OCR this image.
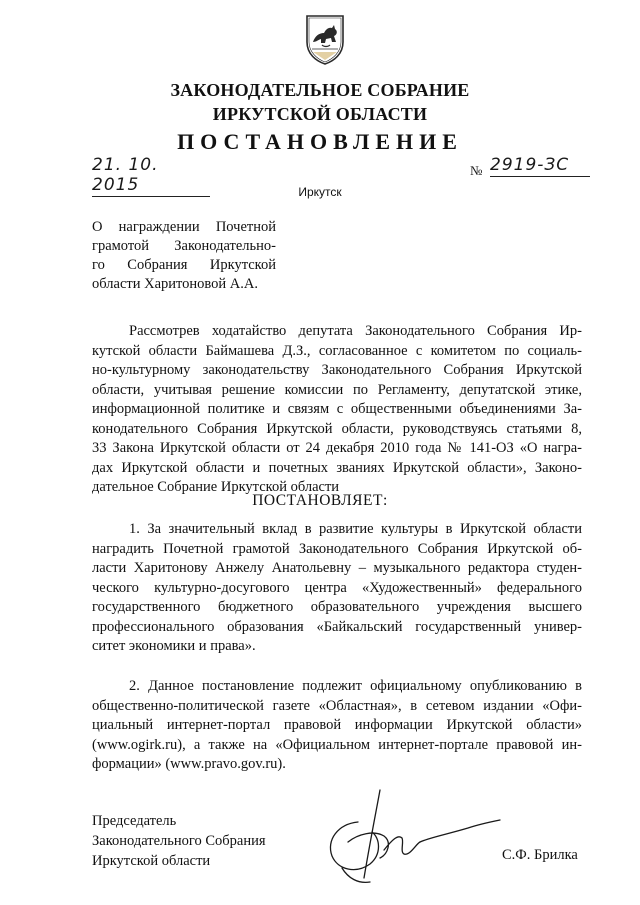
ЗАКОНОДАТЕЛЬНОЕ СОБРАНИЕ
ИРКУТСКОЙ ОБЛАСТИ
ПОСТАНОВЛЕНИЕ
21. 10. 2015
№ 2919-ЗС
Иркутск
О награждении Почетной
грамотой Законодательно-
го Собрания Иркутской
области Харитоновой А.А.
Рассмотрев ходатайство депутата Законодательного Собрания Ир-
кутской области Баймашева Д.З., согласованное с комитетом по социаль-
но-культурному законодательству Законодательного Собрания Иркутской
области, учитывая решение комиссии по Регламенту, депутатской этике,
информационной политике и связям с общественными объединениями За-
конодательного Собрания Иркутской области, руководствуясь статьями 8,
33 Закона Иркутской области от 24 декабря 2010 года № 141-ОЗ «О награ-
дах Иркутской области и почетных званиях Иркутской области», Законо-
дательное Собрание Иркутской области
ПОСТАНОВЛЯЕТ:
1. За значительный вклад в развитие культуры в Иркутской области
наградить Почетной грамотой Законодательного Собрания Иркутской об-
ласти Харитонову Анжелу Анатольевну – музыкального редактора студен-
ческого культурно-досугового центра «Художественный» федерального
государственного бюджетного образовательного учреждения высшего
профессионального образования «Байкальский государственный универ-
ситет экономики и права».
2. Данное постановление подлежит официальному опубликованию в
общественно-политической газете «Областная», в сетевом издании «Офи-
циальный интернет-портал правовой информации Иркутской области»
(www.ogirk.ru), а также на «Официальном интернет-портале правовой ин-
формации» (www.pravo.gov.ru).
Председатель
Законодательного Собрания
Иркутской области	С.Ф. Брилка
